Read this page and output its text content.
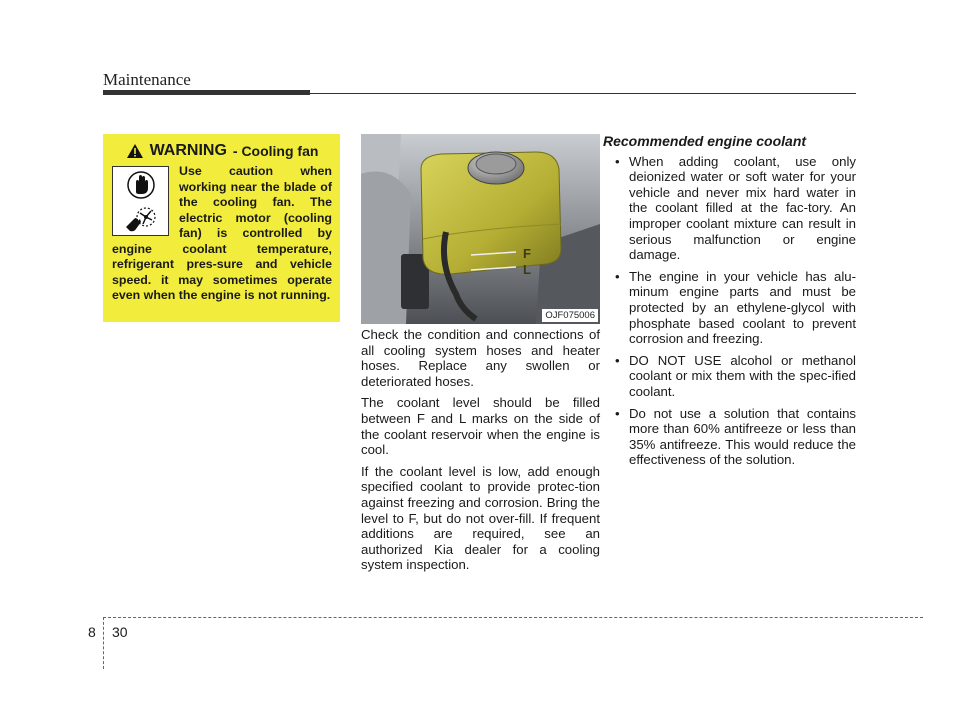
Maintenance
WARNING - Cooling fan
Use caution when working near the blade of the cooling fan. The electric motor (cooling fan) is controlled by engine coolant temperature, refrigerant pres-sure and vehicle speed. it may sometimes operate even when the engine is not running.
F
L
OJF075006

Check the condition and connections of all cooling system hoses and heater hoses. Replace any swollen or deteriorated hoses.

The coolant level should be filled between F and L marks on the side of the coolant reservoir when the engine is cool.

If the coolant level is low, add enough specified coolant to provide protec-tion against freezing and corrosion. Bring the level to F, but do not over-fill. If frequent additions are required, see an authorized Kia dealer for a cooling system inspection.

Recommended engine coolant
• When adding coolant, use only deionized water or soft water for your vehicle and never mix hard water in the coolant filled at the fac-tory. An improper coolant mixture can result in serious malfunction or engine damage.
• The engine in your vehicle has alu-minum engine parts and must be protected by an ethylene-glycol with phosphate based coolant to prevent corrosion and freezing.
• DO NOT USE alcohol or methanol coolant or mix them with the spec-ified coolant.
• Do not use a solution that contains more than 60% antifreeze or less than 35% antifreeze. This would reduce the effectiveness of the solution.
8 30
